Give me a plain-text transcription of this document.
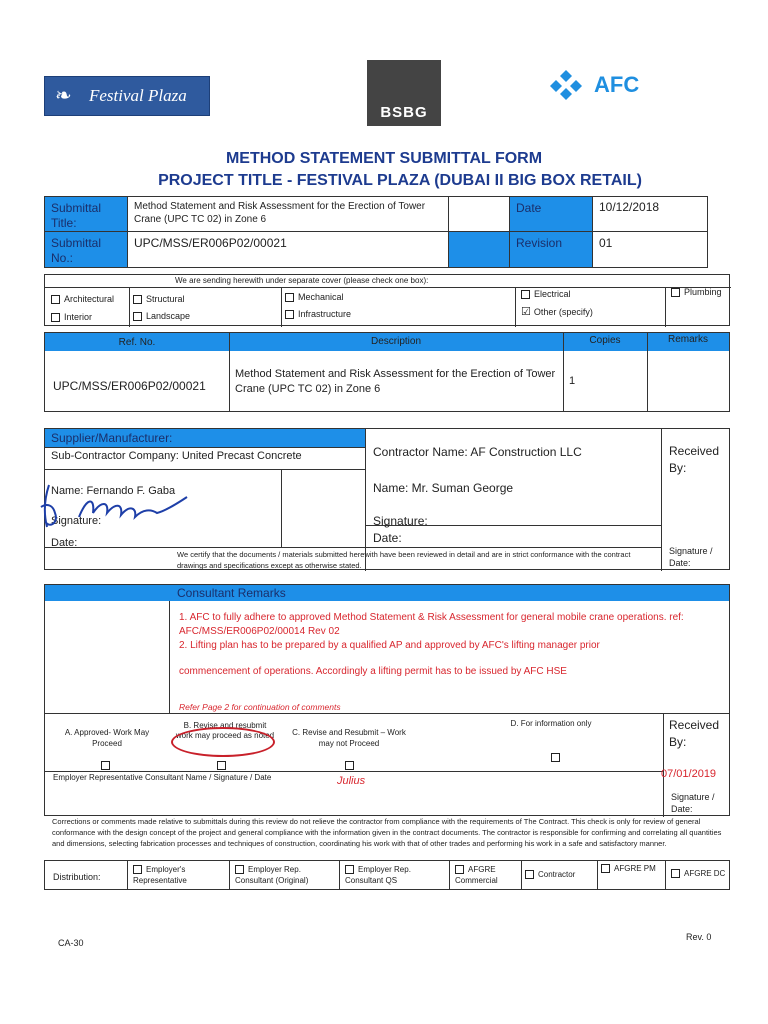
❧ Festival Plaza
BSBG
AFC
METHOD STATEMENT SUBMITTAL FORM
PROJECT TITLE - FESTIVAL PLAZA (DUBAI II BIG BOX RETAIL)
Submittal Title:
Method Statement and Risk Assessment for the Erection of Tower Crane (UPC TC 02) in Zone 6
Date	10/12/2018
Submittal No.:
UPC/MSS/ER006P02/00021	Revision	01
We are sending herewith under separate cover (please check one box):
Architectural	Structural	Mechanical	Electrical	Plumbing
Interior	Landscape	Infrastructure	☑ Other (specify)
Ref. No.	Description	Copies	Remarks
UPC/MSS/ER006P02/00021
Method Statement and Risk Assessment for the Erection of Tower Crane (UPC TC 02) in Zone 6
1
Supplier/Manufacturer:
Sub-Contractor Company: United Precast Concrete
Name: Fernando F. Gaba
Signature:
Date:
Contractor Name: AF Construction LLC
Name: Mr. Suman George
Signature:
Date:
Received By:
We certify that the documents / materials submitted herewith have been reviewed in detail and are in strict conformance with the contract drawings and specifications except as otherwise stated.
Signature / Date:
Consultant Remarks
1. AFC to fully adhere to approved Method Statement & Risk Assessment for general mobile crane operations. ref: AFC/MSS/ER006P02/00014 Rev 02
2. Lifting plan has to be prepared by a qualified AP and approved by AFC's lifting manager prior
commencement of operations. Accordingly a lifting permit has to be issued by AFC HSE
Refer Page 2 for continuation of comments
A. Approved- Work May Proceed
B. Revise and resubmit work may proceed as noted	C. Revise and Resubmit – Work may not Proceed
D. For information only	Received By:
Employer Representative Consultant Name / Signature / Date	Julius
07/01/2019
Signature / Date:
Corrections or comments made relative to submittals during this review do not relieve the contractor from compliance with the requirements of The Contract. This check is only for review of general conformance with the design concept of the project and general compliance with the information given in the contract documents. The contractor is responsible for confirming and correlating all quantities and dimensions, selecting fabrication processes and techniques of construction, coordinating his work with that of other trades and performing his work in a safe and satisfactory manner.
Distribution:
Employer's Representative
Employer Rep. Consultant (Original)
Employer Rep. Consultant QS
AFGRE Commercial
Contractor
AFGRE PM
AFGRE DC
CA-30
Rev. 0
